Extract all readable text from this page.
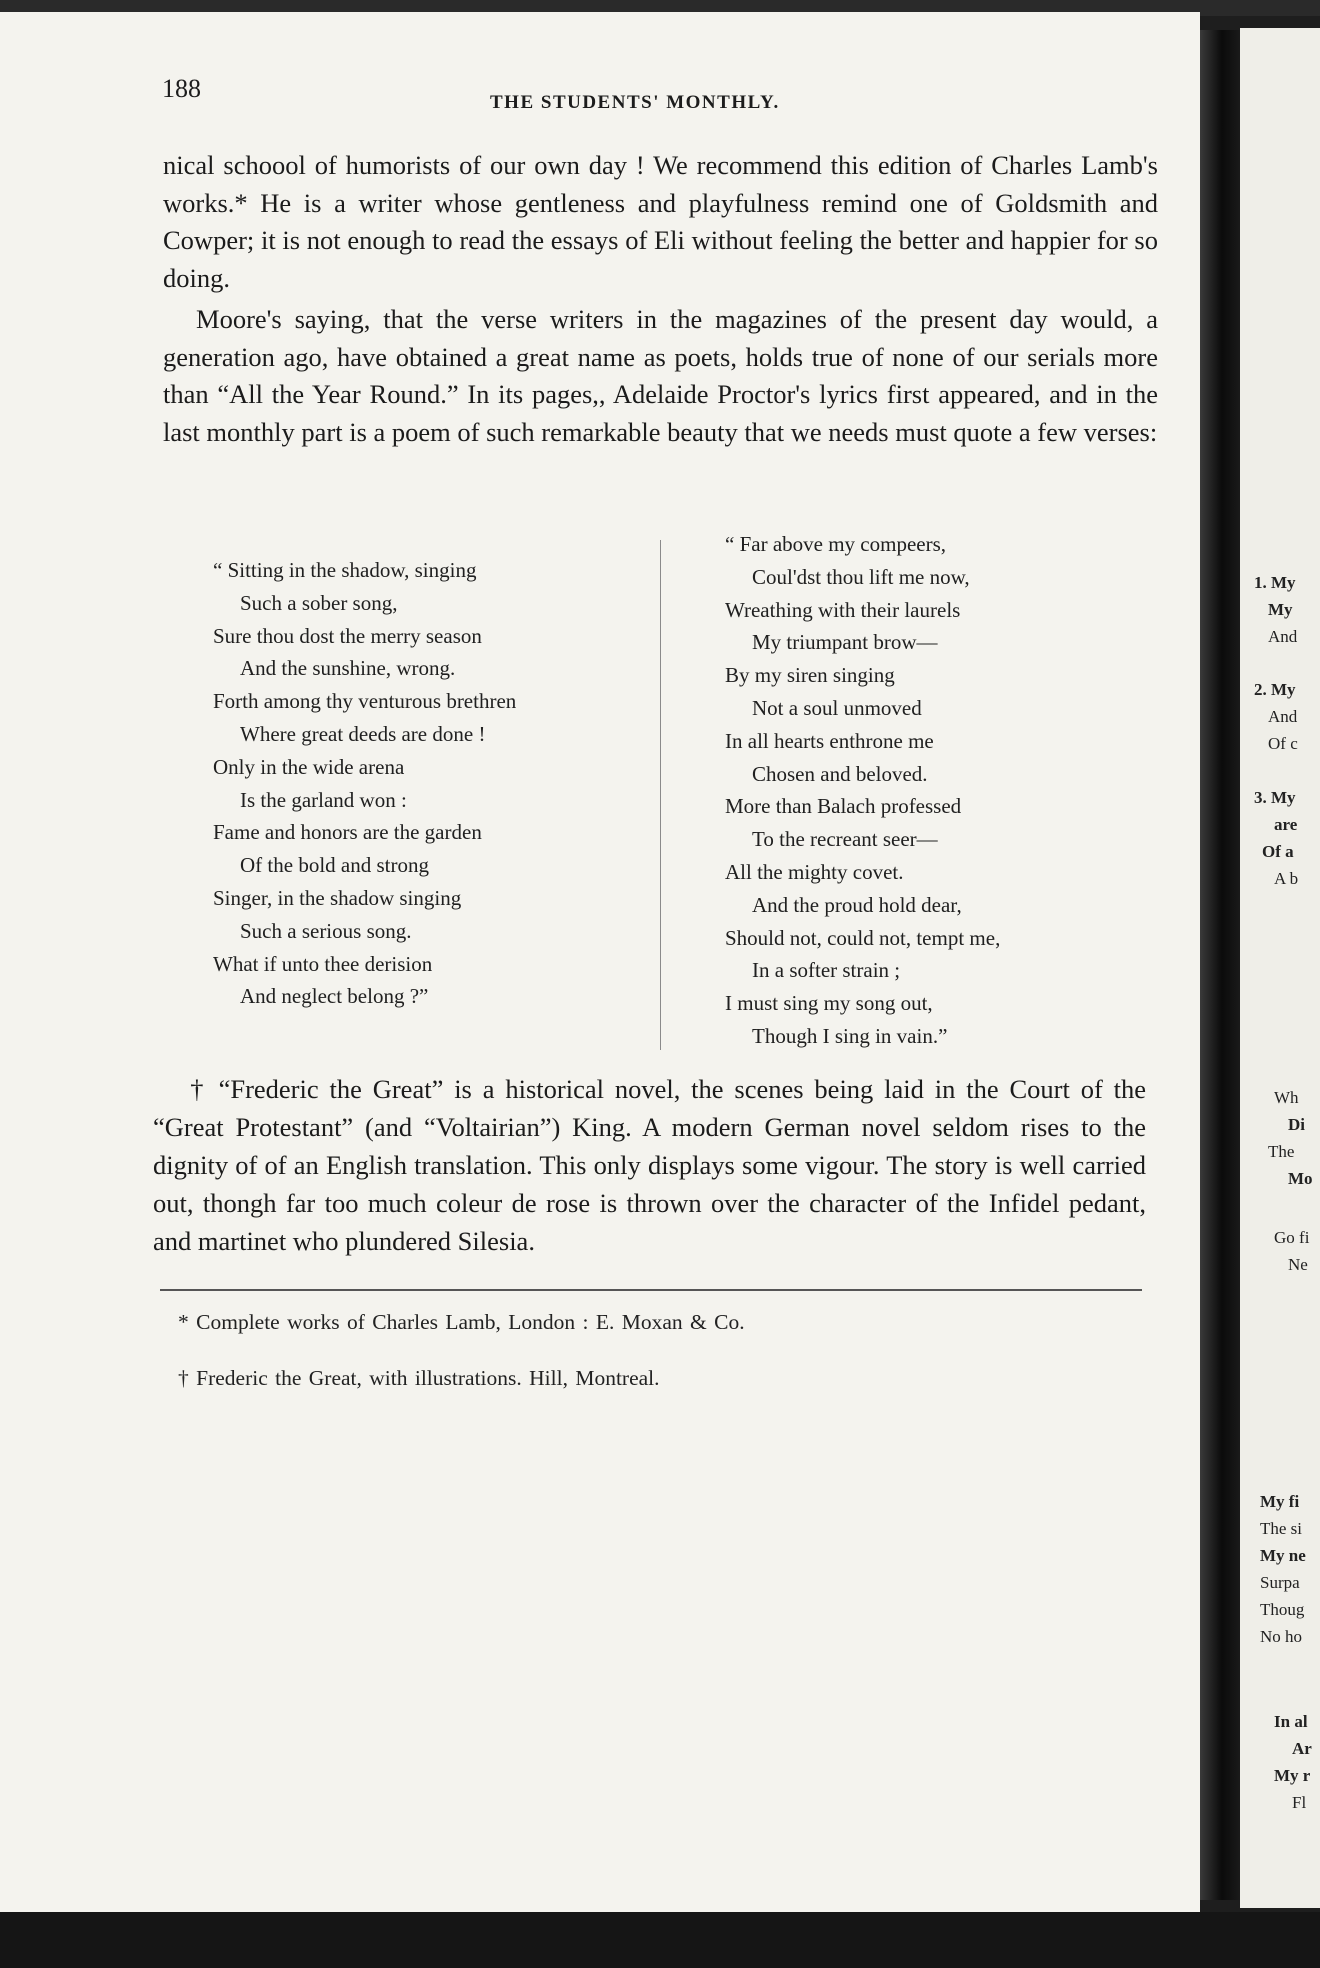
188	THE STUDENTS' MONTHLY.

nical schoool of humorists of our own day ! We recommend this edition of Charles Lamb's works.* He is a writer whose gentleness and playfulness remind one of Goldsmith and Cowper; it is not enough to read the essays of Eli without feeling the better and happier for so doing.

Moore's saying, that the verse writers in the magazines of the present day would, a generation ago, have obtained a great name as poets, holds true of none of our serials more than “All the Year Round.” In its pages,, Adelaide Proctor's lyrics first appeared, and in the last monthly part is a poem of such remarkable beauty that we needs must quote a few verses:

“ Sitting in the shadow, singing
Such a sober song,
Sure thou dost the merry season
And the sunshine, wrong.
Forth among thy venturous brethren
Where great deeds are done !
Only in the wide arena
Is the garland won :
Fame and honors are the garden
Of the bold and strong
Singer, in the shadow singing
Such a serious song.
What if unto thee derision
And neglect belong ?”
“ Far above my compeers,
Coul'dst thou lift me now,
Wreathing with their laurels
My triumpant brow—
By my siren singing
Not a soul unmoved
In all hearts enthrone me
Chosen and beloved.
More than Balach professed
To the recreant seer—
All the mighty covet.
And the proud hold dear,
Should not, could not, tempt me,
In a softer strain ;
I must sing my song out,
Though I sing in vain.”

† “Frederic the Great” is a historical novel, the scenes being laid in the Court of the “Great Protestant” (and “Voltairian”) King. A modern German novel seldom rises to the dignity of of an English translation. This only displays some vigour. The story is well carried out, thongh far too much coleur de rose is thrown over the character of the Infidel pedant, and martinet who plundered Silesia.

* Complete works of Charles Lamb, London : E. Moxan & Co.
† Frederic the Great, with illustrations. Hill, Montreal.
1. My
My
And
2. My
And
Of c
3. My
are
Of a
A b
Wh
Di
The
Mo
Go fi
Ne
My fi
The si
My ne
Surpa
Thoug
No ho
In al
Ar
My r
Fl
